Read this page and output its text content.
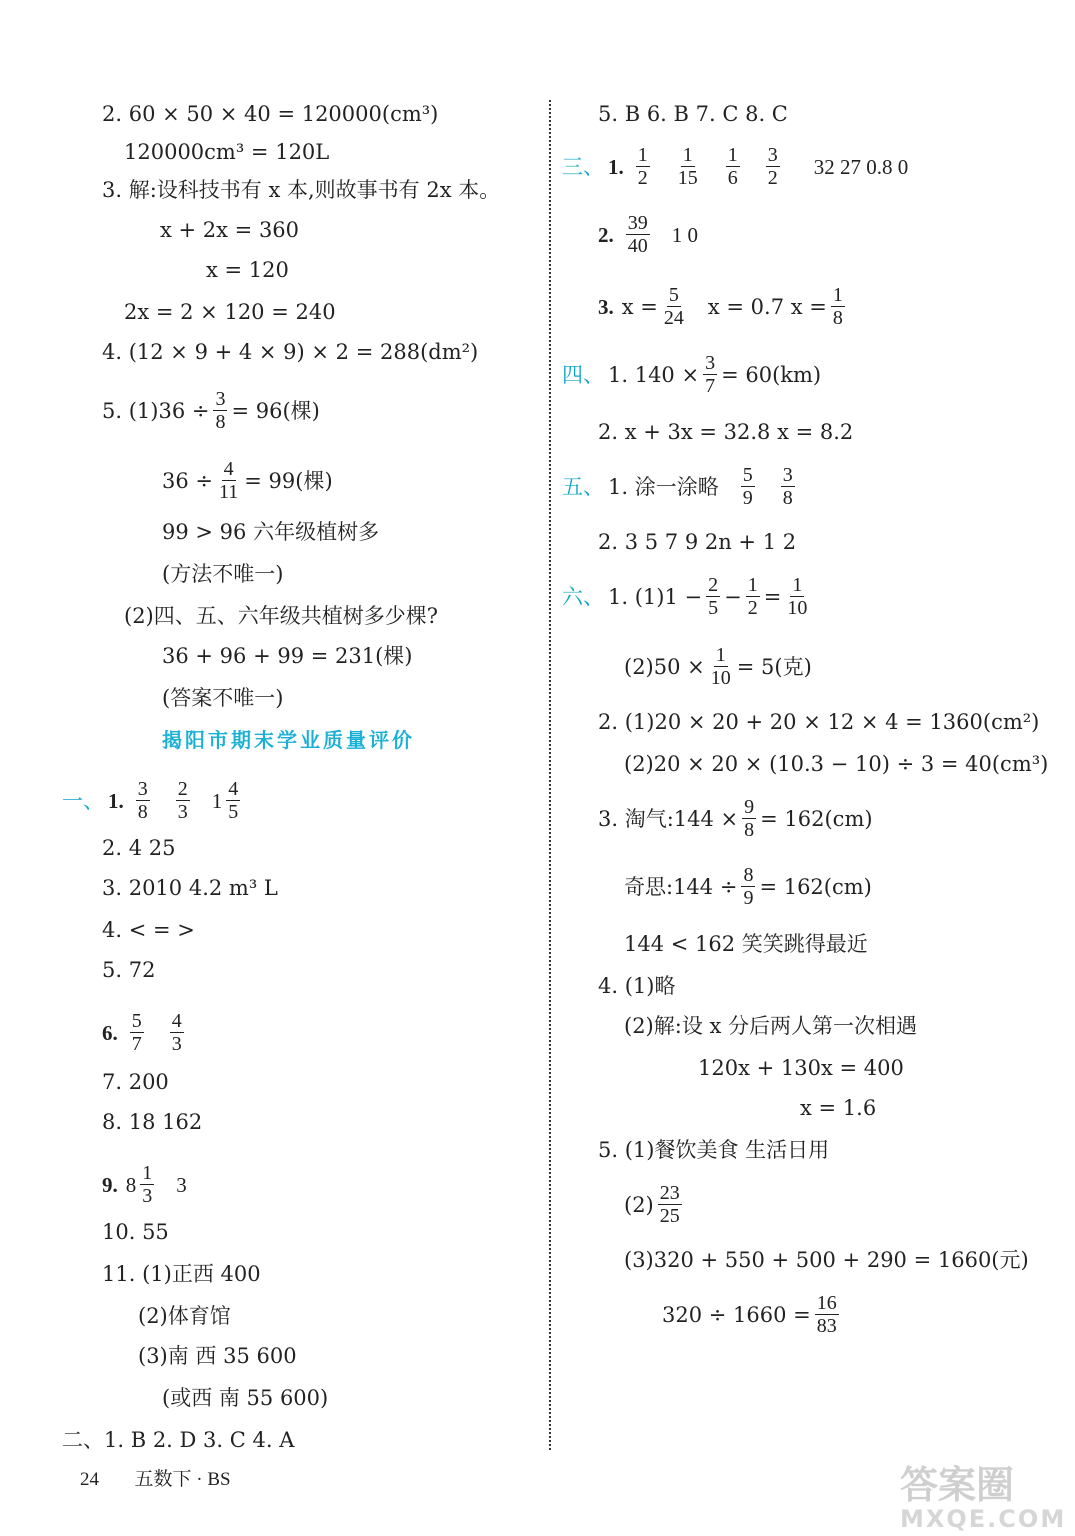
2. 60 × 50 × 40 = 120000(cm³)
120000cm³ = 120L
3. 解:设科技书有 x 本,则故事书有 2x 本。
x + 2x = 360
x = 120
2x = 2 × 120 = 240
4. (12 × 9 + 4 × 9) × 2 = 288(dm²)
5. $(1)36 \div \frac{3}{8} = 96$(棵)
$36 \div \frac{4}{11} = 99$(棵)
99 > 96 六年级植树多
(方法不唯一)
(2)四、五、六年级共植树多少棵?
36 + 96 + 99 = 231(棵)
(答案不唯一)
揭阳市期末学业质量评价
一、 1. $\frac{3}{8} \frac{2}{3} 1 \frac{4}{5}$
2. 4 25
3. 2010 4.2 m³ L
4. < = >
5. 72
6. $\frac{5}{7} \frac{4}{3}$
7. 200
8. 18 162
9. $8 \frac{1}{3} 3$
10. 55
11. (1)正西 400
(2)体育馆
(3)南 西 35 600
(或西 南 55 600)
二、1. B 2. D 3. C 4. A
5. B 6. B 7. C 8. C
三、 1. $\frac{1}{2} \frac{1}{15} \frac{1}{6} \frac{3}{2} 32$ 27 0.8 0
2. $\frac{39}{40} 1$ 0
3. $x = \frac{5}{24}$ x = 0.7 $x = \frac{1}{8}$
四、 1. $140 \times \frac{3}{7} = 60(km)$
2. x + 3x = 32.8 x = 8.2
五、 1. 涂一涂略 $\frac{5}{9} \frac{3}{8}$
2. 3 5 7 9 2n + 1 2
六、 1. $(1)1 - \frac{2}{5} - \frac{1}{2} = \frac{1}{10}$
$(2)50 \times \frac{1}{10} = 5$(克)
2. (1)20 × 20 + 20 × 12 × 4 = 1360(cm²)
(2)20 × 20 × (10.3 − 10) ÷ 3 = 40(cm³)
3. 淘气:144 × $\frac{9}{8} = 162(cm)$
奇思:144 ÷ $\frac{8}{9} = 162(cm)$
144 < 162 笑笑跳得最近
4. (1)略
(2)解:设 x 分后两人第一次相遇
120x + 130x = 400
x = 1.6
5. (1)餐饮美食 生活日用
$(2) \frac{23}{25}$
(3)320 + 550 + 500 + 290 = 1660(元)
$320 \div 1660 = \frac{16}{83}$
24 五数下 · BS	答案圈
MXQE.COM
